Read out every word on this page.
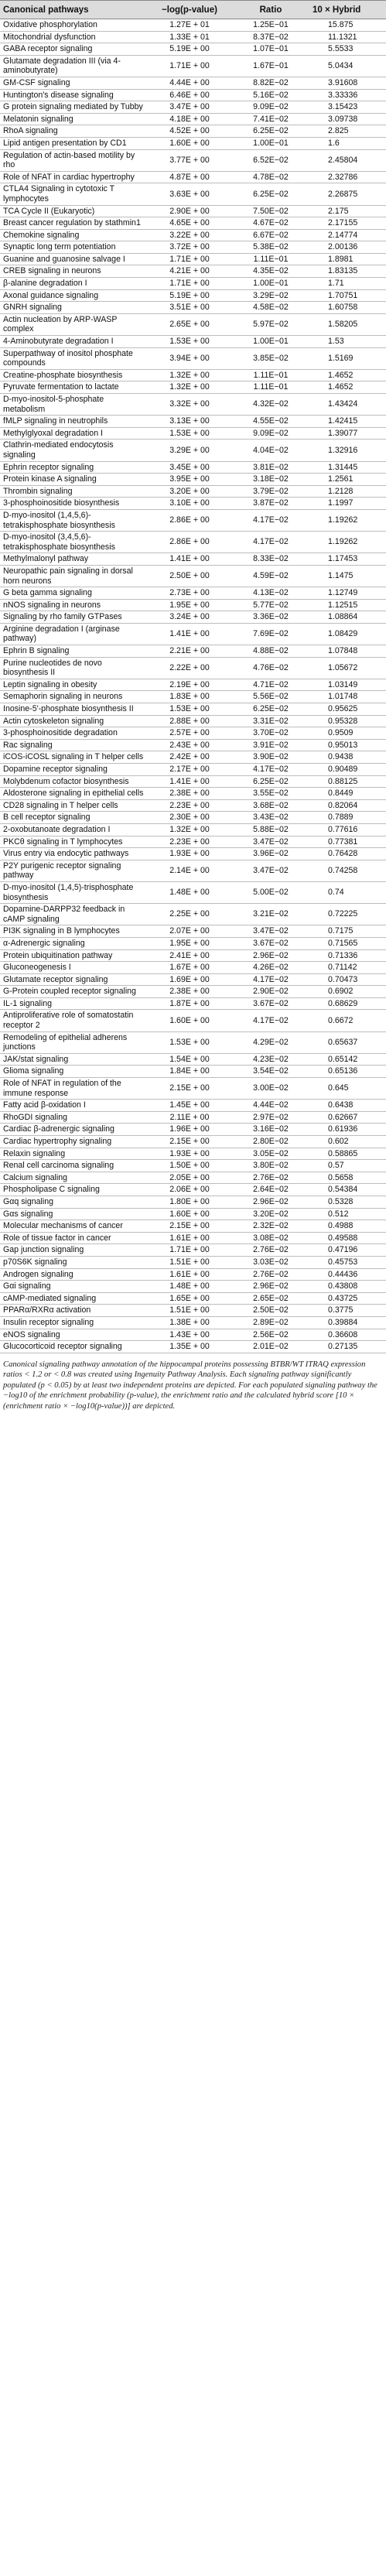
Canonical pathways	−log(p-value)	Ratio	10 × Hybrid
Oxidative phosphorylation	1.27E + 01	1.25E−01	15.875
Mitochondrial dysfunction	1.33E + 01	8.37E−02	11.1321
GABA receptor signaling	5.19E + 00	1.07E−01	5.5533
Glutamate degradation III (via 4-aminobutyrate)	1.71E + 00	1.67E−01	5.0434
GM-CSF signaling	4.44E + 00	8.82E−02	3.91608
Huntington's disease signaling	6.46E + 00	5.16E−02	3.33336
G protein signaling mediated by Tubby	3.47E + 00	9.09E−02	3.15423
Melatonin signaling	4.18E + 00	7.41E−02	3.09738
RhoA signaling	4.52E + 00	6.25E−02	2.825
Lipid antigen presentation by CD1	1.60E + 00	1.00E−01	1.6
Regulation of actin-based motility by rho	3.77E + 00	6.52E−02	2.45804
Role of NFAT in cardiac hypertrophy	4.87E + 00	4.78E−02	2.32786
CTLA4 Signaling in cytotoxic T lymphocytes	3.63E + 00	6.25E−02	2.26875
TCA Cycle II (Eukaryotic)	2.90E + 00	7.50E−02	2.175
Breast cancer regulation by stathmin1	4.65E + 00	4.67E−02	2.17155
Chemokine signaling	3.22E + 00	6.67E−02	2.14774
Synaptic long term potentiation	3.72E + 00	5.38E−02	2.00136
Guanine and guanosine salvage I	1.71E + 00	1.11E−01	1.8981
CREB signaling in neurons	4.21E + 00	4.35E−02	1.83135
β-alanine degradation I	1.71E + 00	1.00E−01	1.71
Axonal guidance signaling	5.19E + 00	3.29E−02	1.70751
GNRH signaling	3.51E + 00	4.58E−02	1.60758
Actin nucleation by ARP-WASP complex	2.65E + 00	5.97E−02	1.58205
4-Aminobutyrate degradation I	1.53E + 00	1.00E−01	1.53
Superpathway of inositol phosphate compounds	3.94E + 00	3.85E−02	1.5169
Creatine-phosphate biosynthesis	1.32E + 00	1.11E−01	1.4652
Pyruvate fermentation to lactate	1.32E + 00	1.11E−01	1.4652
D-myo-inositol-5-phosphate metabolism	3.32E + 00	4.32E−02	1.43424
fMLP signaling in neutrophils	3.13E + 00	4.55E−02	1.42415
Methylglyoxal degradation I	1.53E + 00	9.09E−02	1.39077
Clathrin-mediated endocytosis signaling	3.29E + 00	4.04E−02	1.32916
Ephrin receptor signaling	3.45E + 00	3.81E−02	1.31445
Protein kinase A signaling	3.95E + 00	3.18E−02	1.2561
Thrombin signaling	3.20E + 00	3.79E−02	1.2128
3-phosphoinositide biosynthesis	3.10E + 00	3.87E−02	1.1997
D-myo-inositol (1,4,5,6)-tetrakisphosphate biosynthesis	2.86E + 00	4.17E−02	1.19262
D-myo-inositol (3,4,5,6)-tetrakisphosphate biosynthesis	2.86E + 00	4.17E−02	1.19262
Methylmalonyl pathway	1.41E + 00	8.33E−02	1.17453
Neuropathic pain signaling in dorsal horn neurons	2.50E + 00	4.59E−02	1.1475
G beta gamma signaling	2.73E + 00	4.13E−02	1.12749
nNOS signaling in neurons	1.95E + 00	5.77E−02	1.12515
Signaling by rho family GTPases	3.24E + 00	3.36E−02	1.08864
Arginine degradation I (arginase pathway)	1.41E + 00	7.69E−02	1.08429
Ephrin B signaling	2.21E + 00	4.88E−02	1.07848
Purine nucleotides de novo biosynthesis II	2.22E + 00	4.76E−02	1.05672
Leptin signaling in obesity	2.19E + 00	4.71E−02	1.03149
Semaphorin signaling in neurons	1.83E + 00	5.56E−02	1.01748
Inosine-5′-phosphate biosynthesis II	1.53E + 00	6.25E−02	0.95625
Actin cytoskeleton signaling	2.88E + 00	3.31E−02	0.95328
3-phosphoinositide degradation	2.57E + 00	3.70E−02	0.9509
Rac signaling	2.43E + 00	3.91E−02	0.95013
iCOS-iCOSL signaling in T helper cells	2.42E + 00	3.90E−02	0.9438
Dopamine receptor signaling	2.17E + 00	4.17E−02	0.90489
Molybdenum cofactor biosynthesis	1.41E + 00	6.25E−02	0.88125
Aldosterone signaling in epithelial cells	2.38E + 00	3.55E−02	0.8449
CD28 signaling in T helper cells	2.23E + 00	3.68E−02	0.82064
B cell receptor signaling	2.30E + 00	3.43E−02	0.7889
2-oxobutanoate degradation I	1.32E + 00	5.88E−02	0.77616
PKCθ signaling in T lymphocytes	2.23E + 00	3.47E−02	0.77381
Virus entry via endocytic pathways	1.93E + 00	3.96E−02	0.76428
P2Y purigenic receptor signaling pathway	2.14E + 00	3.47E−02	0.74258
D-myo-inositol (1,4,5)-trisphosphate biosynthesis	1.48E + 00	5.00E−02	0.74
Dopamine-DARPP32 feedback in cAMP signaling	2.25E + 00	3.21E−02	0.72225
PI3K signaling in B lymphocytes	2.07E + 00	3.47E−02	0.7175
α-Adrenergic signaling	1.95E + 00	3.67E−02	0.71565
Protein ubiquitination pathway	2.41E + 00	2.96E−02	0.71336
Gluconeogenesis I	1.67E + 00	4.26E−02	0.71142
Glutamate receptor signaling	1.69E + 00	4.17E−02	0.70473
G-Protein coupled receptor signaling	2.38E + 00	2.90E−02	0.6902
IL-1 signaling	1.87E + 00	3.67E−02	0.68629
Antiproliferative role of somatostatin receptor 2	1.60E + 00	4.17E−02	0.6672
Remodeling of epithelial adherens junctions	1.53E + 00	4.29E−02	0.65637
JAK/stat signaling	1.54E + 00	4.23E−02	0.65142
Glioma signaling	1.84E + 00	3.54E−02	0.65136
Role of NFAT in regulation of the immune response	2.15E + 00	3.00E−02	0.645
Fatty acid β-oxidation I	1.45E + 00	4.44E−02	0.6438
RhoGDI signaling	2.11E + 00	2.97E−02	0.62667
Cardiac β-adrenergic signaling	1.96E + 00	3.16E−02	0.61936
Cardiac hypertrophy signaling	2.15E + 00	2.80E−02	0.602
Relaxin signaling	1.93E + 00	3.05E−02	0.58865
Renal cell carcinoma signaling	1.50E + 00	3.80E−02	0.57
Calcium signaling	2.05E + 00	2.76E−02	0.5658
Phospholipase C signaling	2.06E + 00	2.64E−02	0.54384
Gαq signaling	1.80E + 00	2.96E−02	0.5328
Gαs signaling	1.60E + 00	3.20E−02	0.512
Molecular mechanisms of cancer	2.15E + 00	2.32E−02	0.4988
Role of tissue factor in cancer	1.61E + 00	3.08E−02	0.49588
Gap junction signaling	1.71E + 00	2.76E−02	0.47196
p70S6K signaling	1.51E + 00	3.03E−02	0.45753
Androgen signaling	1.61E + 00	2.76E−02	0.44436
Gαi signaling	1.48E + 00	2.96E−02	0.43808
cAMP-mediated signaling	1.65E + 00	2.65E−02	0.43725
PPARα/RXRα activation	1.51E + 00	2.50E−02	0.3775
Insulin receptor signaling	1.38E + 00	2.89E−02	0.39884
eNOS signaling	1.43E + 00	2.56E−02	0.36608
Glucocorticoid receptor signaling	1.35E + 00	2.01E−02	0.27135
Canonical signaling pathway annotation of the hippocampal proteins possessing BTBR/WT ITRAQ expression ratios < 1.2 or < 0.8 was created using Ingenuity Pathway Analysis. Each signaling pathway significantly populated (p < 0.05) by at least two independent proteins are depicted. For each populated signaling pathway the −log10 of the enrichment probability (p-value), the enrichment ratio and the calculated hybrid score [10 × (enrichment ratio × −log10(p-value))] are depicted.
